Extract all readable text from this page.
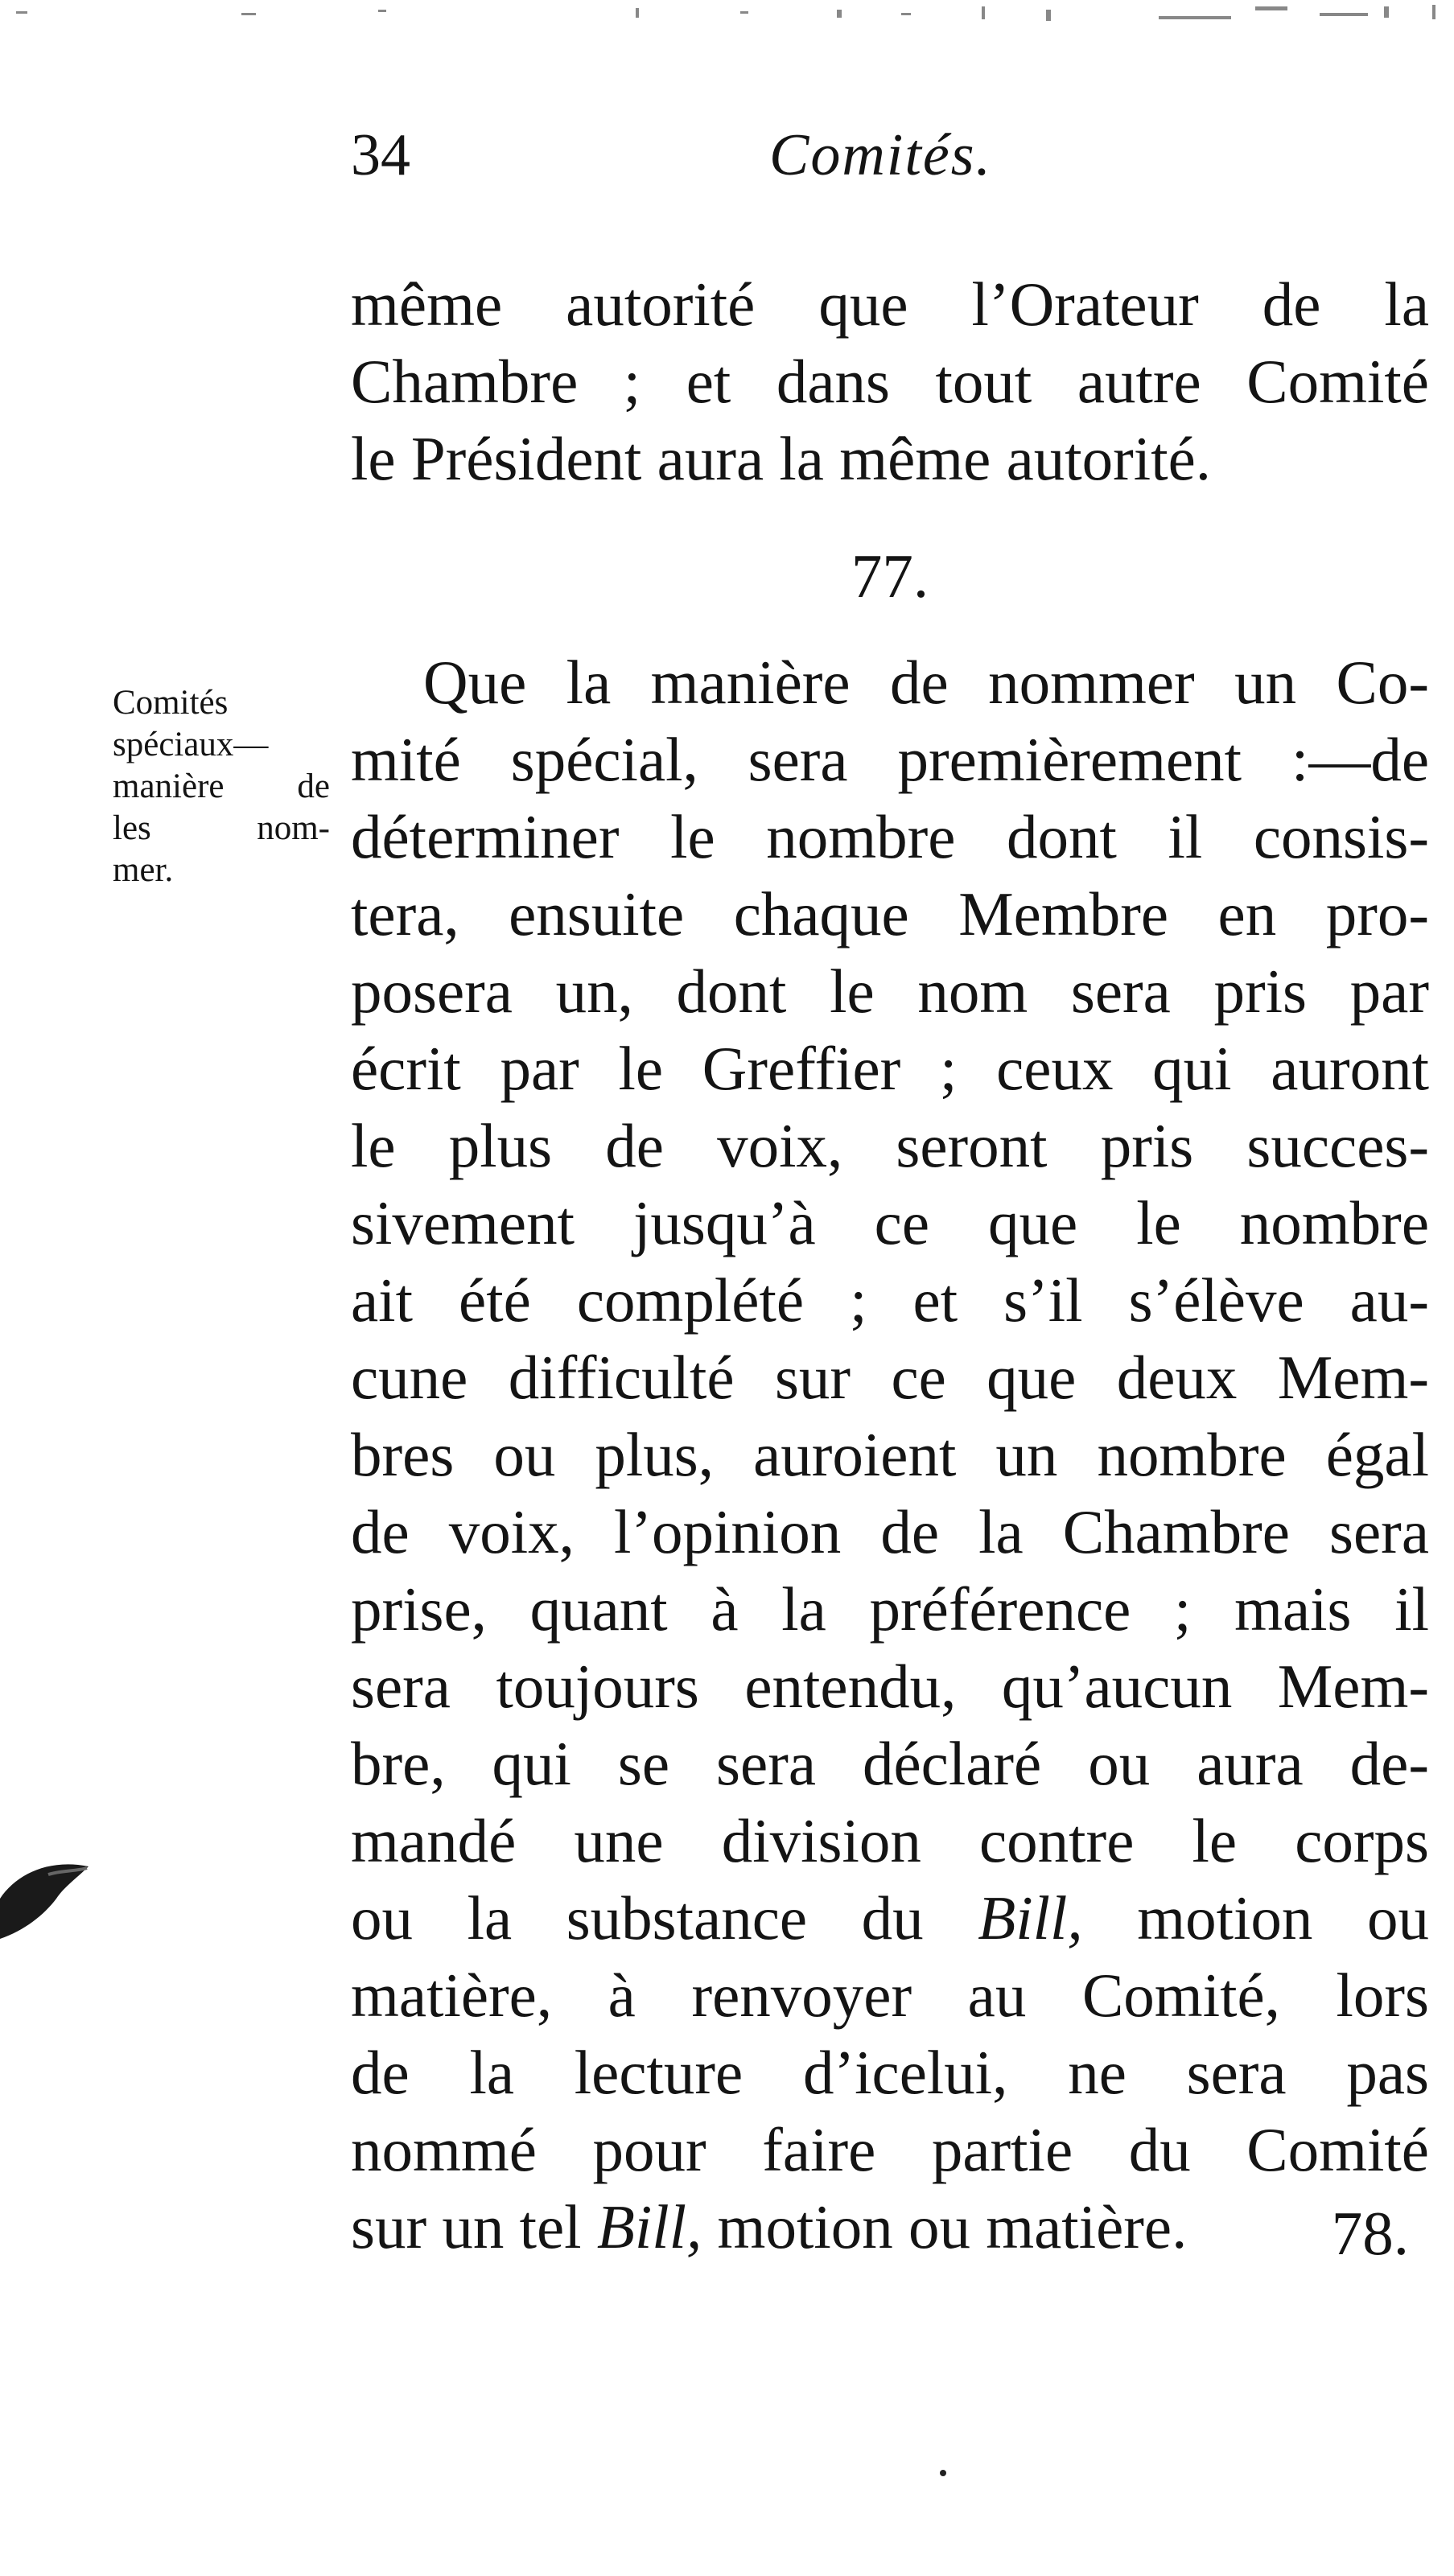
34	Comités.
même autorité que l’Orateur de la
Chambre ; et dans tout autre Comité
le Président aura la même autorité.
77.
Comités
spéciaux—
manière de
les nom-
mer.
Que la manière de nommer un Co-
mité spécial, sera premièrement :—de
déterminer le nombre dont il consis-
tera, ensuite chaque Membre en pro-
posera un, dont le nom sera pris par
écrit par le Greffier ; ceux qui auront
le plus de voix, seront pris succes-
sivement jusqu’à ce que le nombre
ait été complété ; et s’il s’élève au-
cune difficulté sur ce que deux Mem-
bres ou plus, auroient un nombre égal
de voix, l’opinion de la Chambre sera
prise, quant à la préférence ; mais il
sera toujours entendu, qu’aucun Mem-
bre, qui se sera déclaré ou aura de-
mandé une division contre le corps
ou la substance du Bill, motion ou
matière, à renvoyer au Comité, lors
de la lecture d’icelui, ne sera pas
nommé pour faire partie du Comité
sur un tel Bill, motion ou matière.	78.
